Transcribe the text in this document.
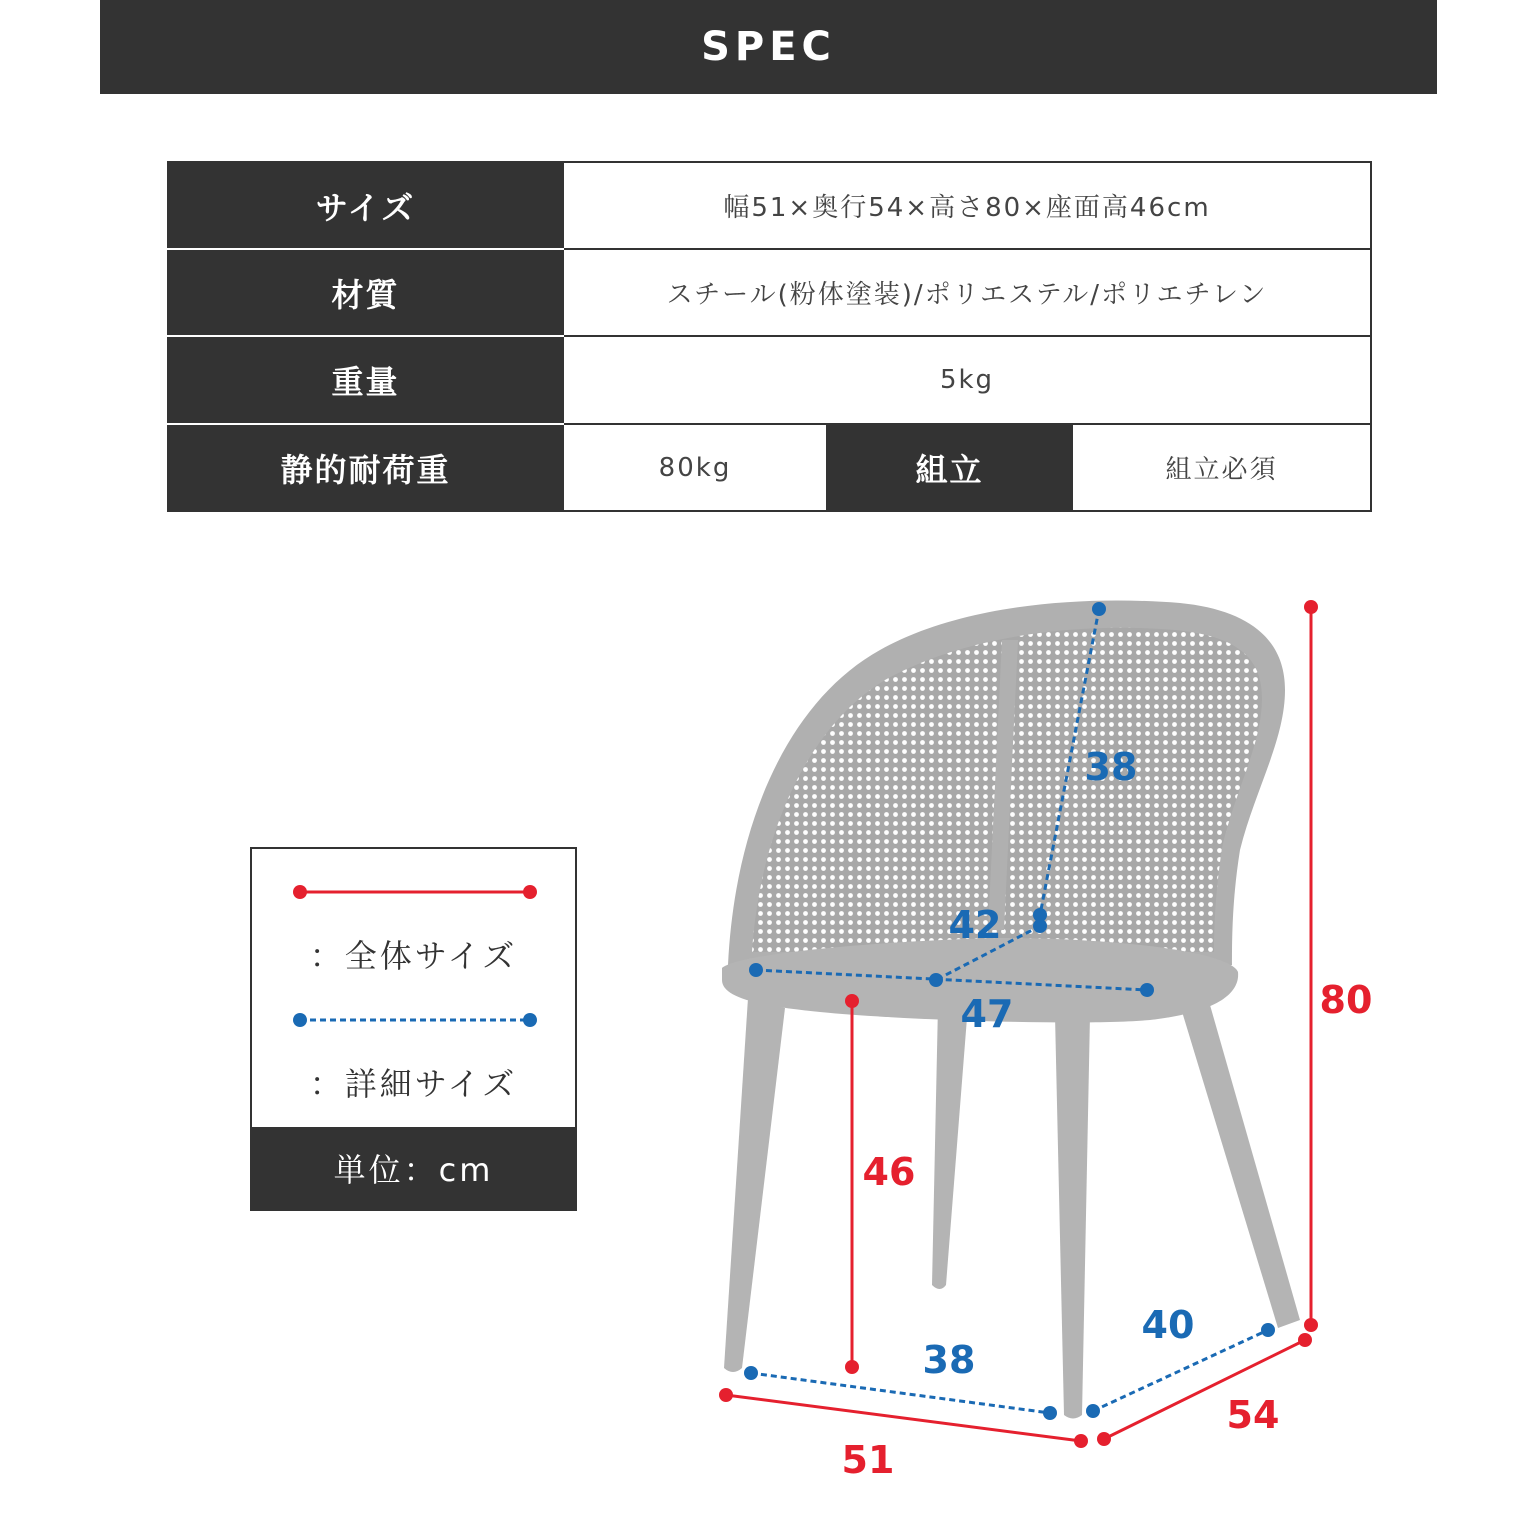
SPEC
サイズ	幅51×奥行54×高さ80×座面高46cm		
材質	スチール(粉体塗装)/ポリエステル/ポリエチレン		
重量	5kg		
静的耐荷重	80kg	組立	組立必須
：全体サイズ
：詳細サイズ
単位：cm
80
46
51
54
38
42
47
38
40
